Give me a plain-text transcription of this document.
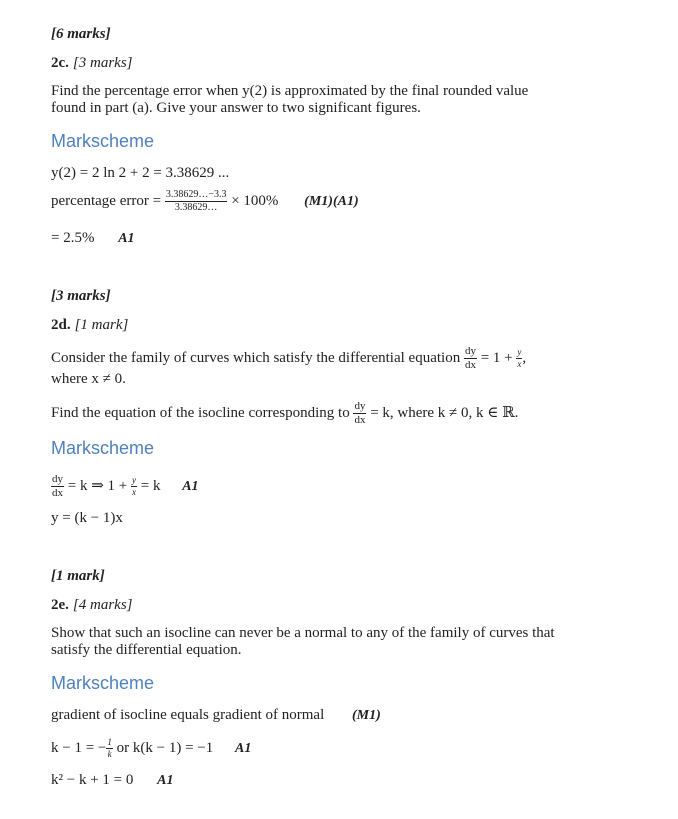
[6 marks]
2c. [3 marks]
Find the percentage error when y(2) is approximated by the final rounded value
found in part (a). Give your answer to two significant figures.
Markscheme
y(2) = 2 ln 2 + 2 = 3.38629 ...
percentage error = $\frac{3.38629\dots-3.3}{3.38629\dots} \times 100\%$ (M1)(A1)
= 2.5% A1
[3 marks]
2d. [1 mark]
Consider the family of curves which satisfy the differential equation $\frac{dy}{dx} = 1 + \frac{y}{x}$ ,
where x ≠ 0.
Find the equation of the isocline corresponding to $\frac{dy}{dx} = k$, where k ≠ 0, k ∈ ℝ.
Markscheme
$\frac{dy}{dx} = k$ ⇒ $1 + \frac{y}{x} = k$ A1
y = (k − 1)x
[1 mark]
2e. [4 marks]
Show that such an isocline can never be a normal to any of the family of curves that
satisfy the differential equation.
Markscheme
gradient of isocline equals gradient of normal (M1)
k − 1 = − $\frac{1}{k}$ or k(k − 1) = −1 A1
k² − k + 1 = 0 A1
